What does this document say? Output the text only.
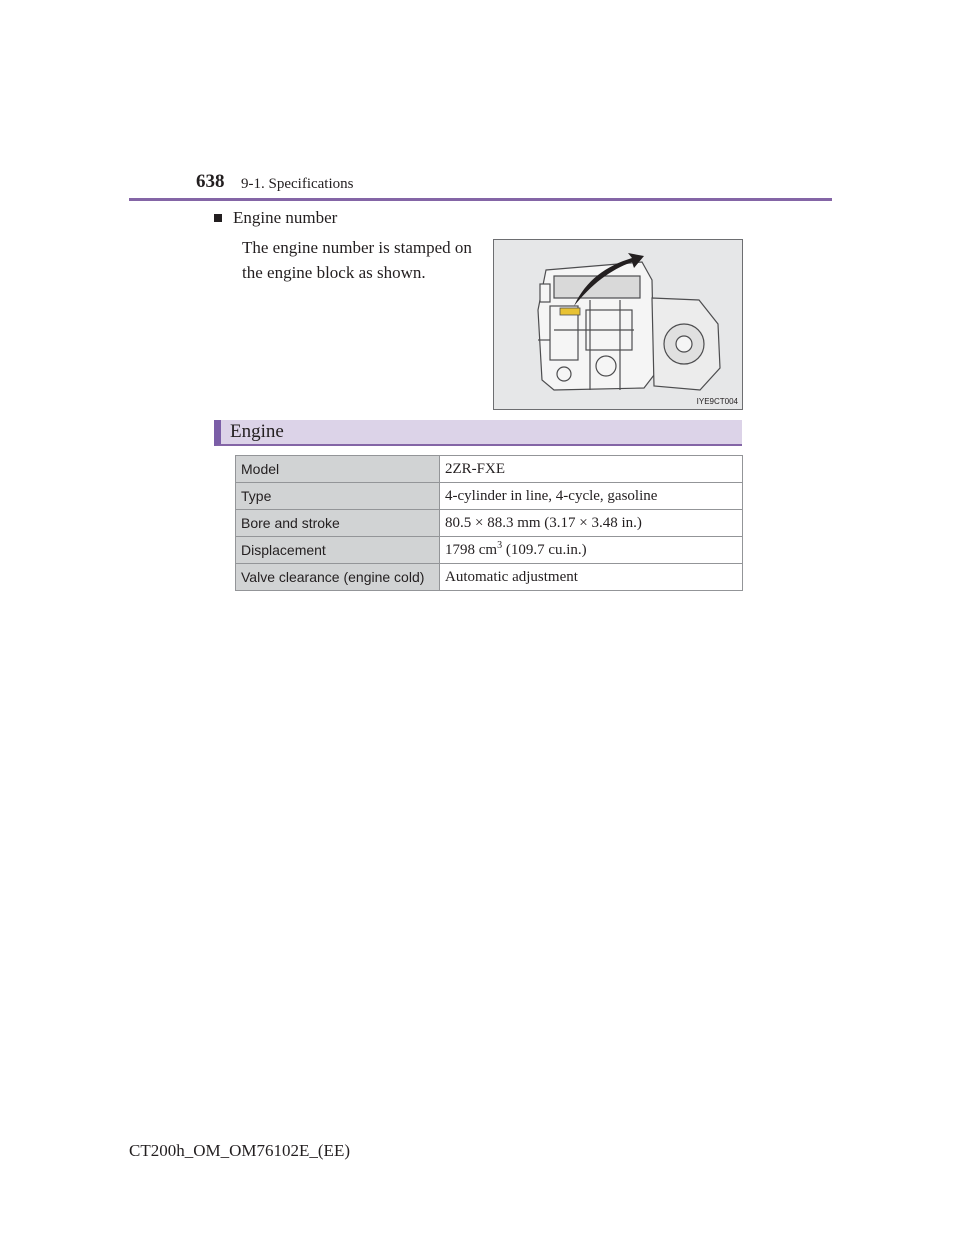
638 9-1. Specifications
Engine number
The engine number is stamped on the engine block as shown.
IYE9CT004
Engine
Model	2ZR-FXE
Type	4-cylinder in line, 4-cycle, gasoline
Bore and stroke	80.5 × 88.3 mm (3.17 × 3.48 in.)
Displacement	1798 $cm^3$ (109.7 cu.in.)
Valve clearance (engine cold)	Automatic adjustment
CT200h_OM_OM76102E_(EE)
